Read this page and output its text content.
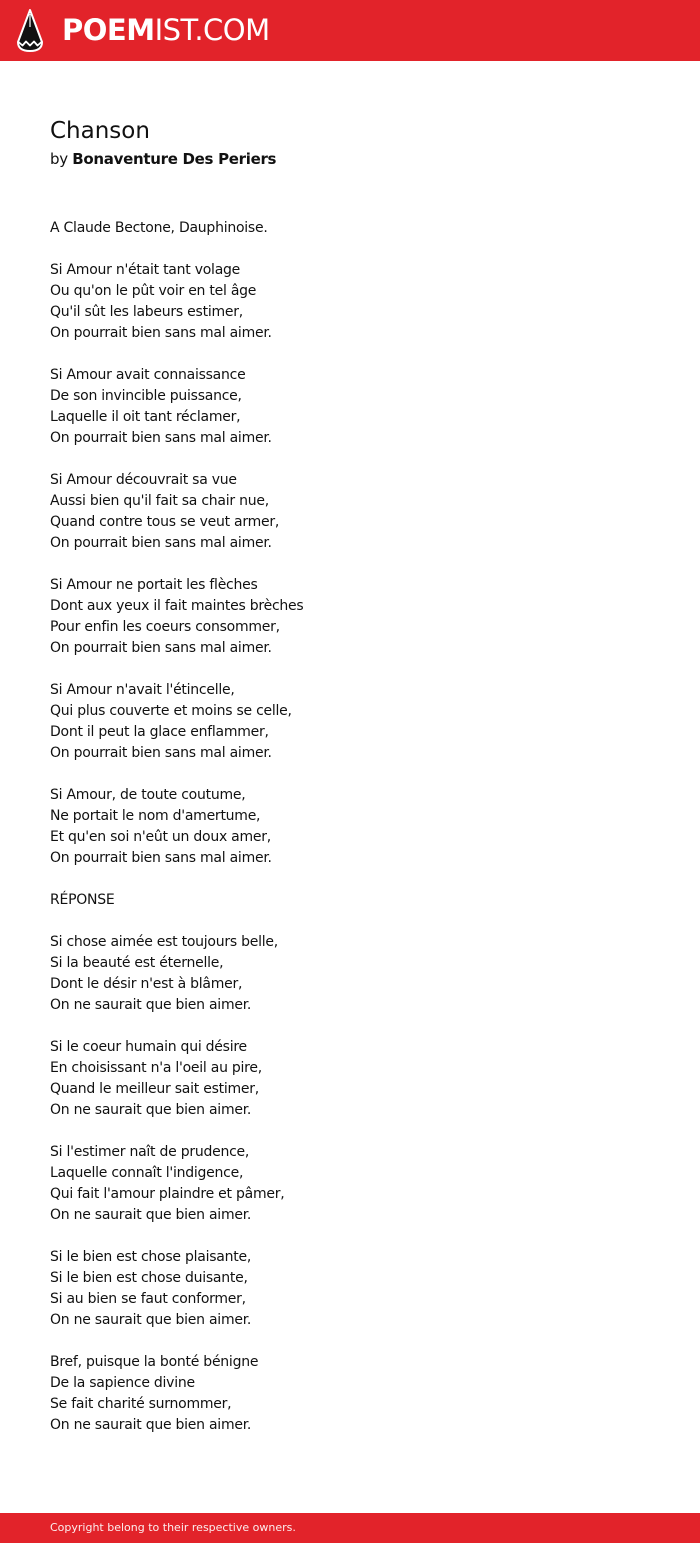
POEMIST.COM
Chanson
by Bonaventure Des Periers
A Claude Bectone, Dauphinoise.
Si Amour n'était tant volage
Ou qu'on le pût voir en tel âge
Qu'il sût les labeurs estimer,
On pourrait bien sans mal aimer.
Si Amour avait connaissance
De son invincible puissance,
Laquelle il oit tant réclamer,
On pourrait bien sans mal aimer.
Si Amour découvrait sa vue
Aussi bien qu'il fait sa chair nue,
Quand contre tous se veut armer,
On pourrait bien sans mal aimer.
Si Amour ne portait les flèches
Dont aux yeux il fait maintes brèches
Pour enfin les coeurs consommer,
On pourrait bien sans mal aimer.
Si Amour n'avait l'étincelle,
Qui plus couverte et moins se celle,
Dont il peut la glace enflammer,
On pourrait bien sans mal aimer.
Si Amour, de toute coutume,
Ne portait le nom d'amertume,
Et qu'en soi n'eût un doux amer,
On pourrait bien sans mal aimer.
RÉPONSE
Si chose aimée est toujours belle,
Si la beauté est éternelle,
Dont le désir n'est à blâmer,
On ne saurait que bien aimer.
Si le coeur humain qui désire
En choisissant n'a l'oeil au pire,
Quand le meilleur sait estimer,
On ne saurait que bien aimer.
Si l'estimer naît de prudence,
Laquelle connaît l'indigence,
Qui fait l'amour plaindre et pâmer,
On ne saurait que bien aimer.
Si le bien est chose plaisante,
Si le bien est chose duisante,
Si au bien se faut conformer,
On ne saurait que bien aimer.
Bref, puisque la bonté bénigne
De la sapience divine
Se fait charité surnommer,
On ne saurait que bien aimer.
Copyright belong to their respective owners.
